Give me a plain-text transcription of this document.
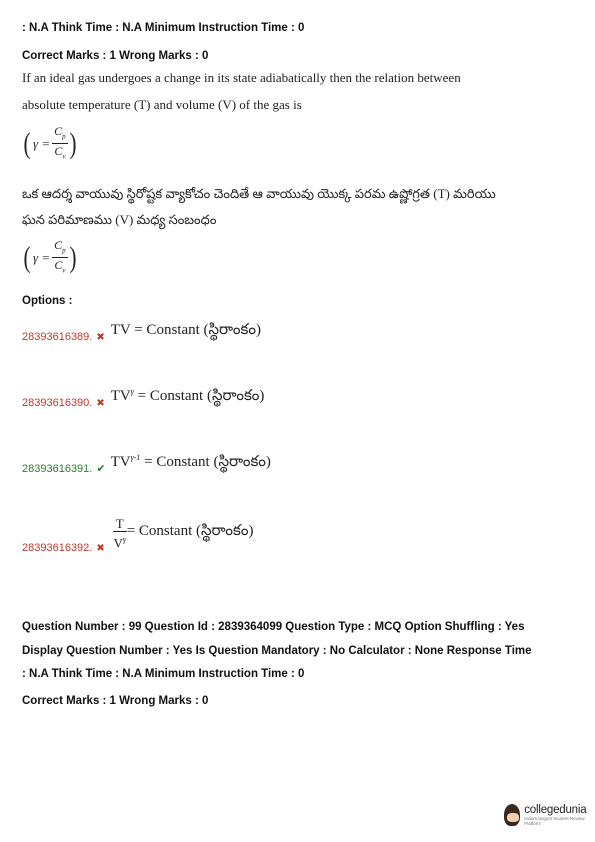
: N.A Think Time : N.A Minimum Instruction Time : 0
Correct Marks : 1 Wrong Marks : 0
If an ideal gas undergoes a change in its state adiabatically then the relation between
absolute temperature (T) and volume (V) of the gas is
( $\gamma = \frac{C_p}{C_v}$ )
ఒక ఆదర్శ వాయువు స్థిరోష్టక వ్యాకోచం చెందితే ఆ వాయువు యొక్క పరమ ఉష్ణోగ్రత (T) మరియు
ఘన పరిమాణము (V) మధ్య సంబంధం
( $\gamma = \frac{C_p}{C_v}$ )
Options :
28393616389. ✖ TV = Constant (స్థిరాంకం)
28393616390. ✖ $TV^\gamma$ = Constant (స్థిరాంకం)
28393616391. ✔ $TV^{\gamma-1}$ = Constant (స్థిరాంకం)
28393616392. ✖ $\frac{T}{V^\gamma}$ = Constant (స్థిరాంకం)
Question Number : 99 Question Id : 2839364099 Question Type : MCQ Option Shuffling : Yes
Display Question Number : Yes Is Question Mandatory : No Calculator : None Response Time
: N.A Think Time : N.A Minimum Instruction Time : 0
Correct Marks : 1 Wrong Marks : 0
collegedunia
India's largest Student Review Platform
